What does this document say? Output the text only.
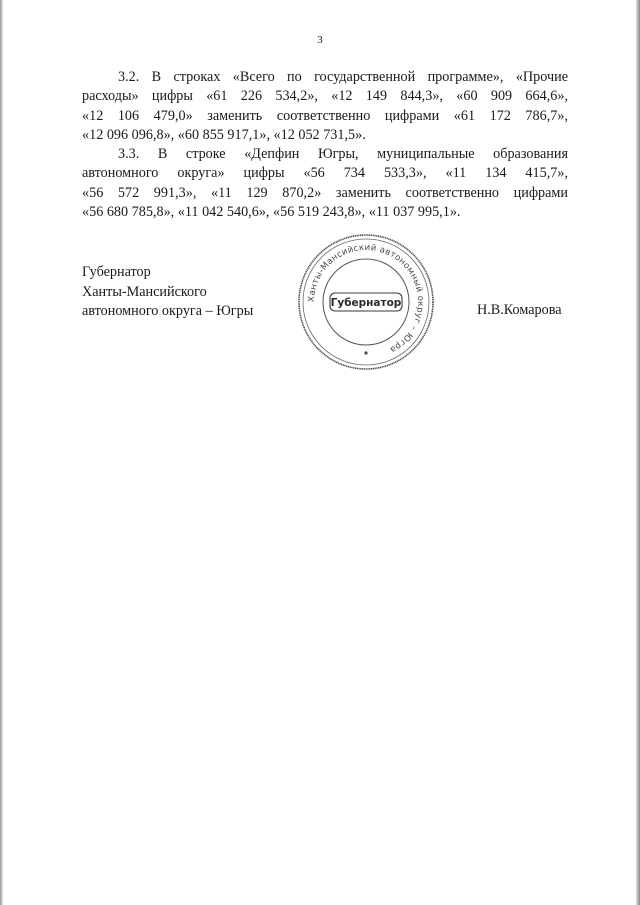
3

3.2. В строках «Всего по государственной программе», «Прочие
расходы» цифры «61 226 534,2», «12 149 844,3», «60 909 664,6»,
«12 106 479,0» заменить соответственно цифрами «61 172 786,7»,
«12 096 096,8», «60 855 917,1», «12 052 731,5».

3.3. В строке «Депфин Югры, муниципальные образования
автономного округа» цифры «56 734 533,3», «11 134 415,7»,
«56 572 991,3», «11 129 870,2» заменить соответственно цифрами
«56 680 785,8», «11 042 540,6», «56 519 243,8», «11 037 995,1».

Губернатор
Ханты-Мансийского
автономного округа – Югры
Ханты-Мансийский автономный округ – Югра
Губернатор	Н.В.Комарова
